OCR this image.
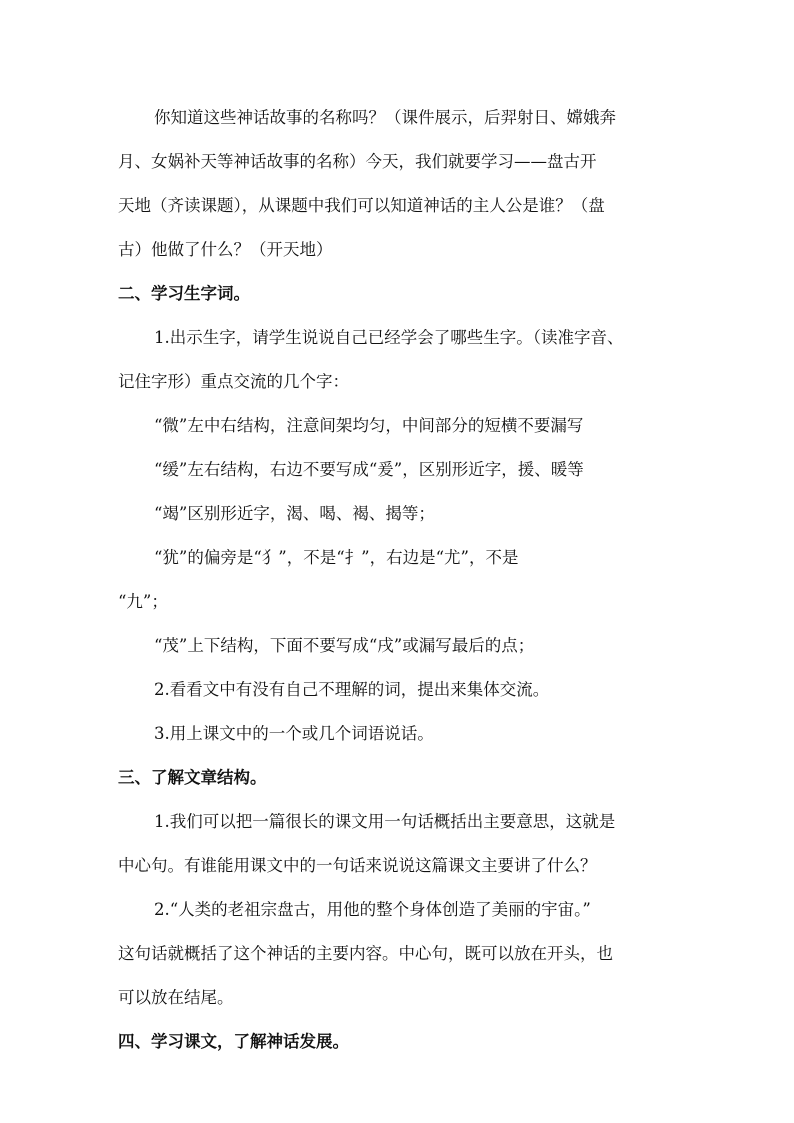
你知道这些神话故事的名称吗？（课件展示，后羿射日、嫦娥奔
月、女娲补天等神话故事的名称）今天，我们就要学习——盘古开
天地（齐读课题），从课题中我们可以知道神话的主人公是谁？（盘
古）他做了什么？（开天地）
二、学习生字词。
1.出示生字，请学生说说自己已经学会了哪些生字。（读准字音、
记住字形）重点交流的几个字：
“微”左中右结构，注意间架均匀，中间部分的短横不要漏写
“缓”左右结构，右边不要写成“爰”，区别形近字，援、暖等
“竭”区别形近字，渴、喝、褐、揭等；
“犹”的偏旁是“犭”，不是“扌”，右边是“尤”，不是
“九”；
“茂”上下结构，下面不要写成“戌”或漏写最后的点；
2.看看文中有没有自己不理解的词，提出来集体交流。
3.用上课文中的一个或几个词语说话。
三、了解文章结构。
1.我们可以把一篇很长的课文用一句话概括出主要意思，这就是
中心句。有谁能用课文中的一句话来说说这篇课文主要讲了什么？
2.“人类的老祖宗盘古，用他的整个身体创造了美丽的宇宙。”
这句话就概括了这个神话的主要内容。中心句，既可以放在开头，也
可以放在结尾。
四、学习课文，了解神话发展。
